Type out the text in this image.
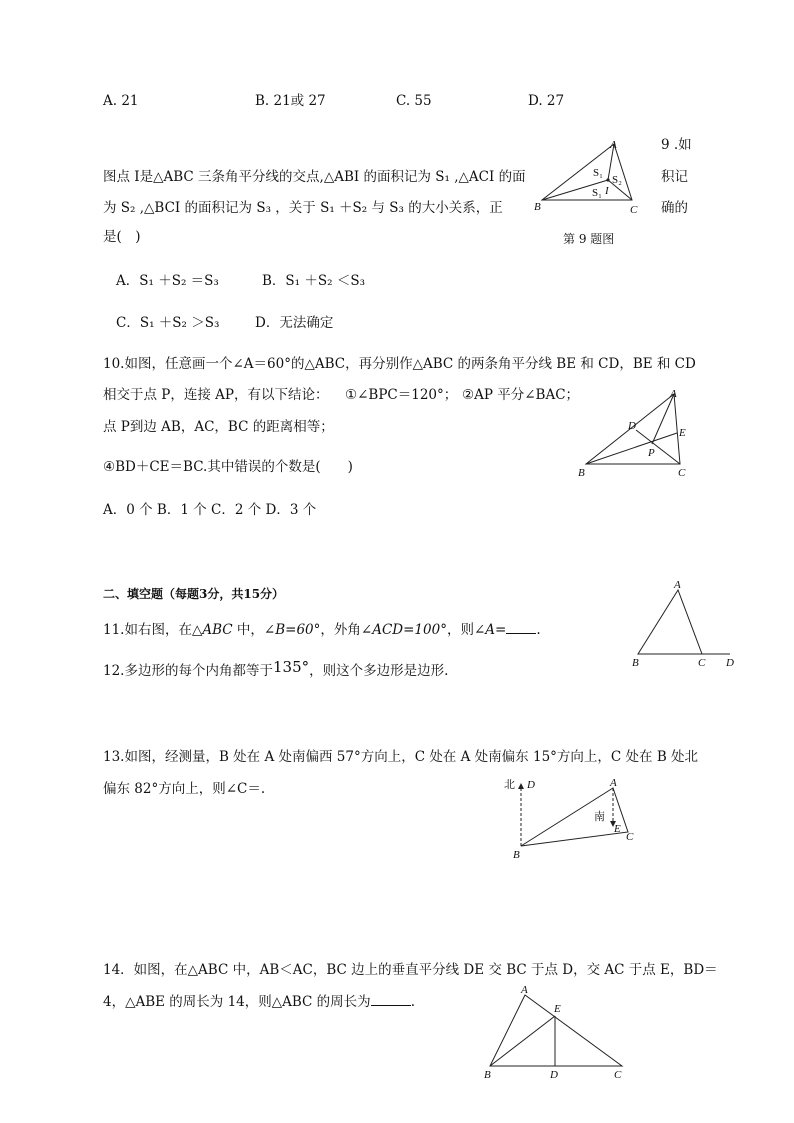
A. 21	B. 21或 27	C. 55	D. 27
9 .如
图点 I是△ABC 三条角平分线的交点,△ABI 的面积记为 S₁ ,△ACI 的面	积记
为 S₂ ,△BCI 的面积记为 S₃ ，关于 S₁ ＋S₂ 与 S₃ 的大小关系，正	确的
是(　)
A
B	C
S₁
S₂
S₁ I
第 9 题图
A．S₁ ＋S₂ ＝S₃	B．S₁ ＋S₂ ＜S₃
C．S₁ ＋S₂ ＞S₃	D．无法确定
10.如图，任意画一个∠A＝60°的△ABC，再分别作△ABC 的两条角平分线 BE 和 CD，BE 和 CD
相交于点 P，连接 AP，有以下结论： ①∠BPC＝120°； ②AP 平分∠BAC；
点 P到边 AB，AC，BC 的距离相等；
④BD＋CE＝BC.其中错误的个数是(　　)
A．0 个 B．1 个 C．2 个 D．3 个
A
D
E
P
B	C
二、填空题（每题3分，共15分）
11.如右图，在△ABC 中，∠B=60°，外角∠ACD=100°，则∠A= .
A
B	C D
12.多边形的每个内角都等于135°，则这个多边形是边形.
13.如图，经测量，B 处在 A 处南偏西 57°方向上，C 处在 A 处南偏东 15°方向上，C 处在 B 处北
偏东 82°方向上，则∠C＝.	北 D	A
南
E
C
B
14．如图，在△ABC 中，AB＜AC，BC 边上的垂直平分线 DE 交 BC 于点 D，交 AC 于点 E，BD＝
4，△ABE 的周长为 14，则△ABC 的周长为	.
A
E
B	D	C
